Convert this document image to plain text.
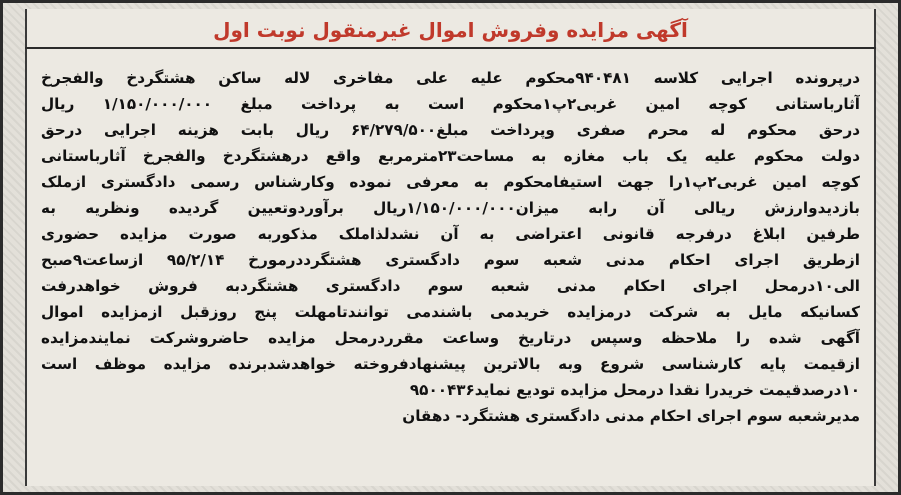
آگهی مزایده وفروش اموال غیرمنقول نوبت اول
درپرونده اجرایی کلاسه ۹۴۰۴۸۱محکوم علیه علی مفاخری لاله ساکن هشتگردخ والفجرخ
آثارباستانی کوچه امین غربی۲پ۱محکوم است به پرداخت مبلغ ۱/۱۵۰/۰۰۰/۰۰۰ ریال
درحق محکوم له محرم صفری وپرداخت مبلغ۶۴/۲۷۹/۵۰۰ ریال بابت هزینه اجرایی درحق
دولت محکوم علیه یک باب مغازه به مساحت۲۳مترمربع واقع درهشتگردخ والفجرخ آثارباستانی
کوچه امین غربی۲پ۱را جهت استیفامحکوم به معرفی نموده وکارشناس رسمی دادگستری ازملک
بازدیدوارزش ریالی آن رابه میزان۱/۱۵۰/۰۰۰/۰۰۰ریال برآوردوتعیین گردیده ونظریه به
طرفین ابلاغ درفرجه قانونی اعتراضی به آن نشدلذاملک مذکوربه صورت مزایده حضوری
ازطریق اجرای احکام مدنی شعبه سوم دادگستری هشتگرددرمورخ ۹۵/۲/۱۴ ازساعت۹صبح
الی۱۰درمحل اجرای احکام مدنی شعبه سوم دادگستری هشتگردبه فروش خواهدرفت
کسانیکه مایل به شرکت درمزایده خریدمی باشندمی توانندتامهلت پنج روزقبل ازمزایده اموال
آگهی شده را ملاحظه وسپس درتاریخ وساعت مقرردرمحل مزایده حاضروشرکت نمایندمزایده
ازقیمت پایه کارشناسی شروع وبه بالاترین پیشنهادفروخته خواهدشدبرنده مزایده موظف است
۱۰درصدقیمت خریدرا نقدا درمحل مزایده تودیع نماید۹۵۰۰۴۳۶
مدیرشعبه سوم اجرای احکام مدنی دادگستری هشتگرد- دهقان
